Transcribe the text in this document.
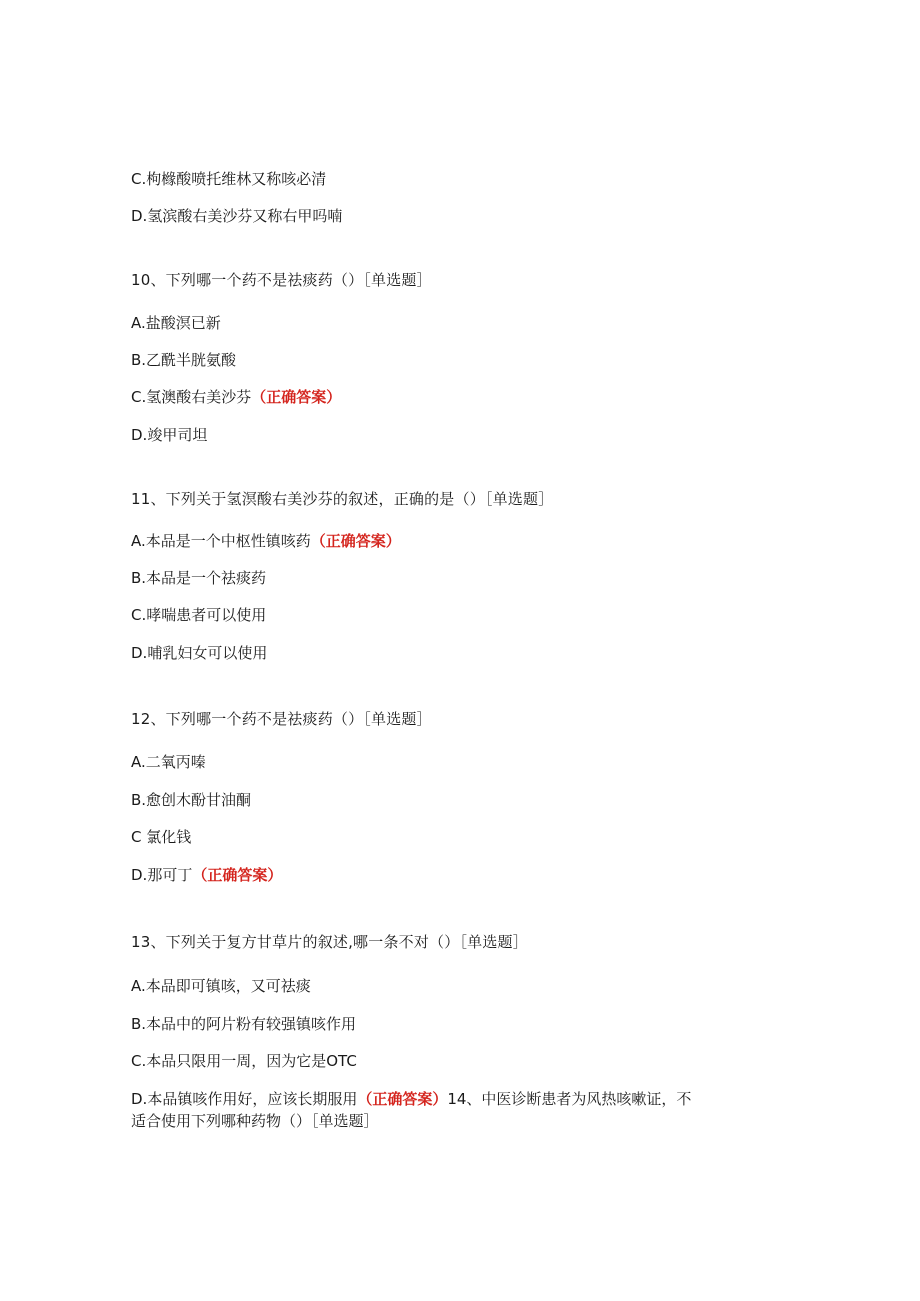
C.枸橼酸喷托维林又称咳必清
D.氢滨酸右美沙芬又称右甲吗喃
10、下列哪一个药不是祛痰药（）［单选题］
A.盐酸溟已新
B.乙酰半胱氨酸
C.氢澳酸右美沙芬（正确答案）
D.竣甲司坦
11、下列关于氢溟酸右美沙芬的叙述，正确的是（）［单选题］
A.本品是一个中枢性镇咳药（正确答案）
B.本品是一个祛痰药
C.哮喘患者可以使用
D.哺乳妇女可以使用
12、下列哪一个药不是祛痰药（）［单选题］
A.二氧丙嗪
B.愈创木酚甘油酮
C 氯化钱
D.那可丁（正确答案）
13、下列关于复方甘草片的叙述,哪一条不对（）［单选题］
A.本品即可镇咳，又可祛痰
B.本品中的阿片粉有较强镇咳作用
C.本品只限用一周，因为它是OTC
D.本品镇咳作用好，应该长期服用（正确答案）14、中医诊断患者为风热咳嗽证，不
适合使用下列哪种药物（）［单选题］
